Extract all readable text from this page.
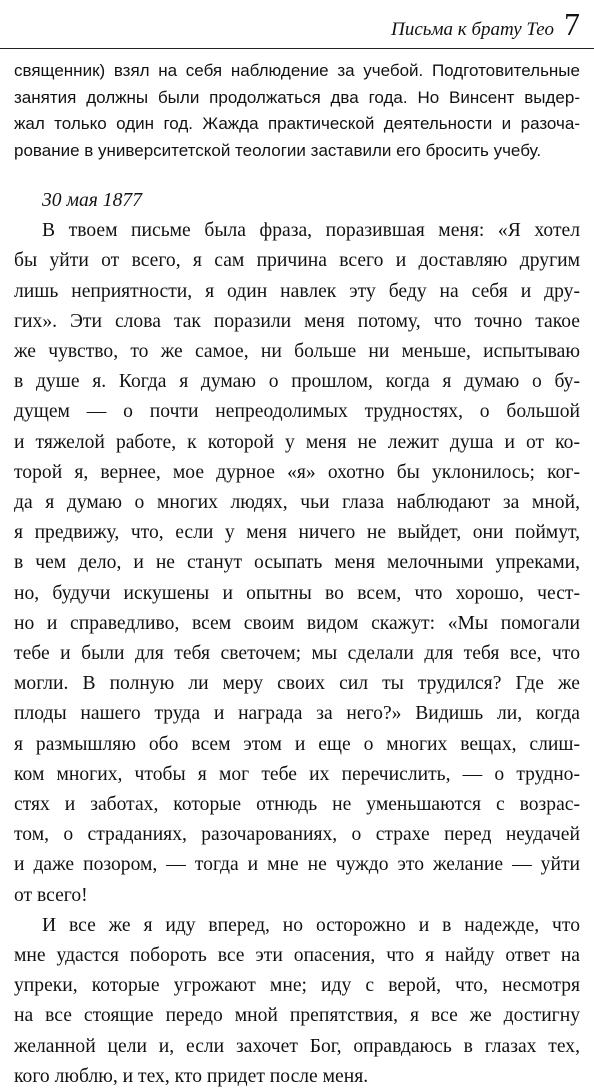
Письма к брату Тео 7
священник) взял на себя наблюдение за учебой. Подготовительные
занятия должны были продолжаться два года. Но Винсент выдер-
жал только один год. Жажда практической деятельности и разоча-
рование в университетской теологии заставили его бросить учебу.
30 мая 1877
В твоем письме была фраза, поразившая меня: «Я хотел
бы уйти от всего, я сам причина всего и доставляю другим
лишь неприятности, я один навлек эту беду на себя и дру-
гих». Эти слова так поразили меня потому, что точно такое
же чувство, то же самое, ни больше ни меньше, испытываю
в душе я. Когда я думаю о прошлом, когда я думаю о бу-
дущем — о почти непреодолимых трудностях, о большой
и тяжелой работе, к которой у меня не лежит душа и от ко-
торой я, вернее, мое дурное «я» охотно бы уклонилось; ког-
да я думаю о многих людях, чьи глаза наблюдают за мной,
я предвижу, что, если у меня ничего не выйдет, они поймут,
в чем дело, и не станут осыпать меня мелочными упреками,
но, будучи искушены и опытны во всем, что хорошо, чест-
но и справедливо, всем своим видом скажут: «Мы помогали
тебе и были для тебя светочем; мы сделали для тебя все, что
могли. В полную ли меру своих сил ты трудился? Где же
плоды нашего труда и награда за него?» Видишь ли, когда
я размышляю обо всем этом и еще о многих вещах, слиш-
ком многих, чтобы я мог тебе их перечислить, — о трудно-
стях и заботах, которые отнюдь не уменьшаются с возрас-
том, о страданиях, разочарованиях, о страхе перед неудачей
и даже позором, — тогда и мне не чуждо это желание — уйти
от всего!
И все же я иду вперед, но осторожно и в надежде, что
мне удастся побороть все эти опасения, что я найду ответ на
упреки, которые угрожают мне; иду с верой, что, несмотря
на все стоящие передо мной препятствия, я все же достигну
желанной цели и, если захочет Бог, оправдаюсь в глазах тех,
кого люблю, и тех, кто придет после меня.
